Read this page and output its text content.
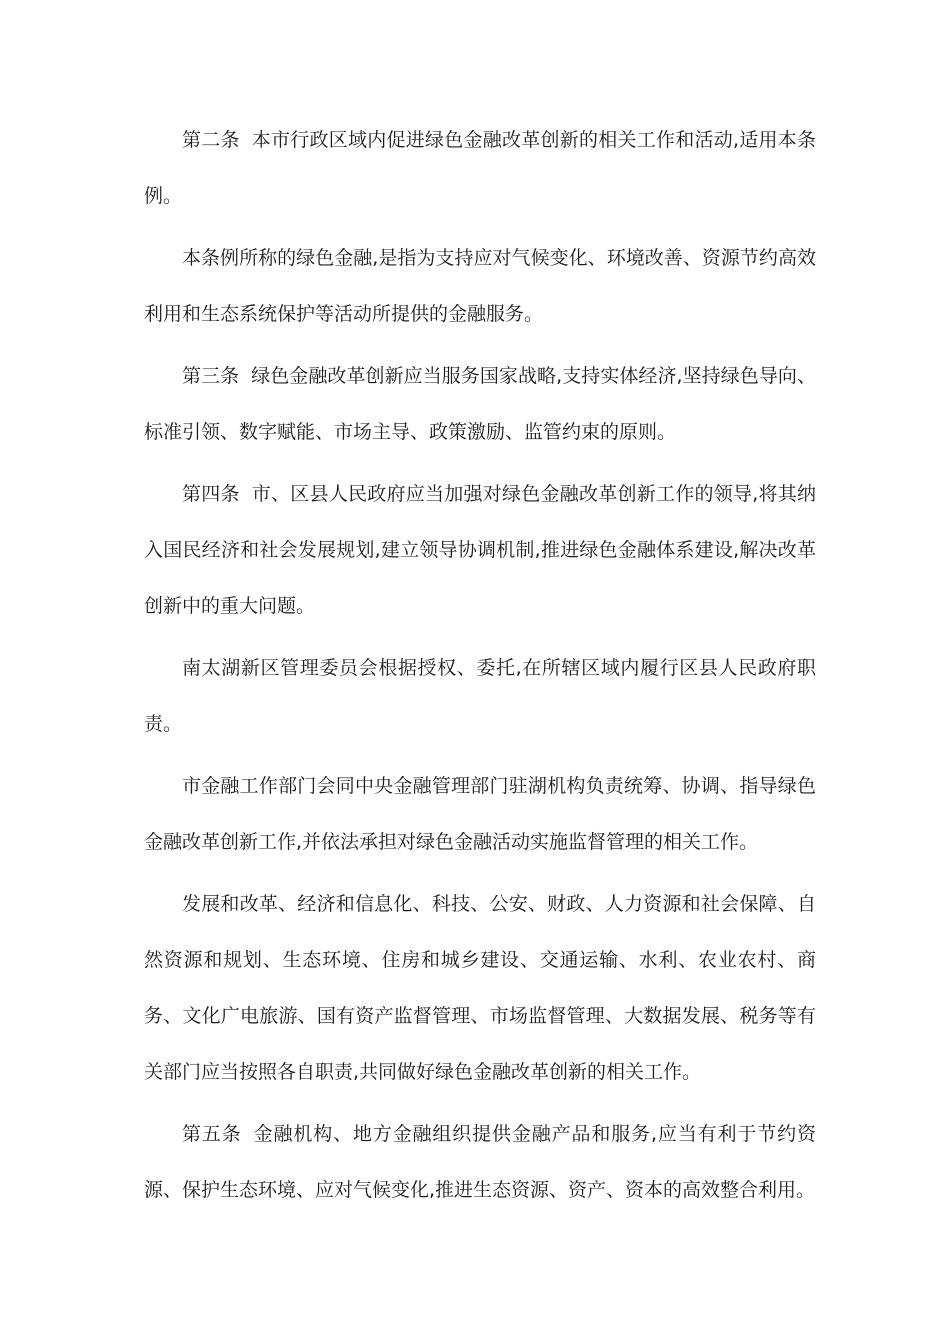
第二条 本市行政区域内促进绿色金融改革创新的相关工作和活动,适用本条例。

本条例所称的绿色金融,是指为支持应对气候变化、环境改善、资源节约高效利用和生态系统保护等活动所提供的金融服务。

第三条 绿色金融改革创新应当服务国家战略,支持实体经济,坚持绿色导向、标准引领、数字赋能、市场主导、政策激励、监管约束的原则。

第四条 市、区县人民政府应当加强对绿色金融改革创新工作的领导,将其纳入国民经济和社会发展规划,建立领导协调机制,推进绿色金融体系建设,解决改革创新中的重大问题。

南太湖新区管理委员会根据授权、委托,在所辖区域内履行区县人民政府职责。

市金融工作部门会同中央金融管理部门驻湖机构负责统筹、协调、指导绿色金融改革创新工作,并依法承担对绿色金融活动实施监督管理的相关工作。

发展和改革、经济和信息化、科技、公安、财政、人力资源和社会保障、自然资源和规划、生态环境、住房和城乡建设、交通运输、水利、农业农村、商务、文化广电旅游、国有资产监督管理、市场监督管理、大数据发展、税务等有关部门应当按照各自职责,共同做好绿色金融改革创新的相关工作。

第五条 金融机构、地方金融组织提供金融产品和服务,应当有利于节约资源、保护生态环境、应对气候变化,推进生态资源、资产、资本的高效整合利用。
